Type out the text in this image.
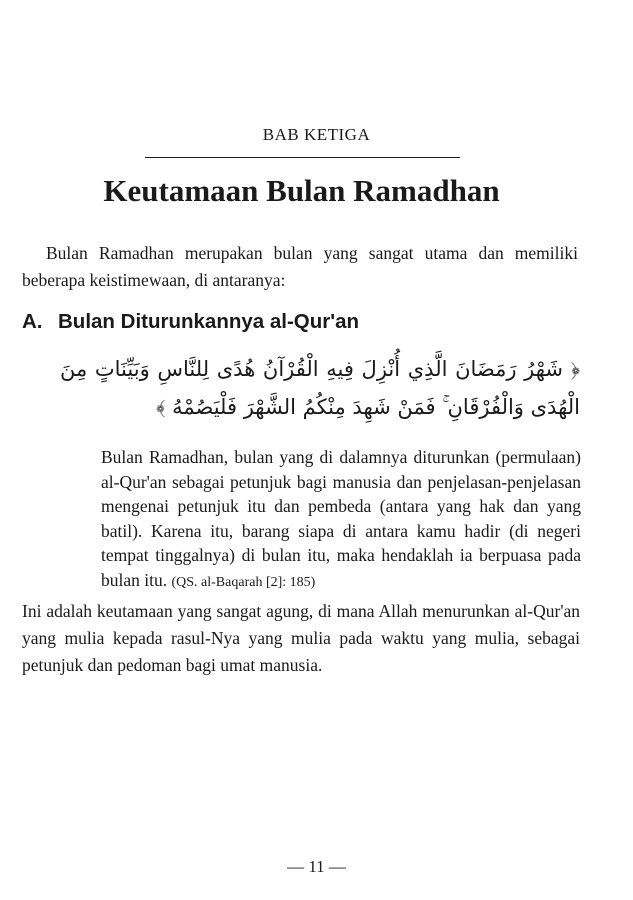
BAB KETIGA
Keutamaan Bulan Ramadhan

Bulan Ramadhan merupakan bulan yang sangat utama dan memiliki beberapa keistimewaan, di antaranya:

A. Bulan Diturunkannya al-Qur'an
﴿ شَهْرُ رَمَضَانَ الَّذِي أُنْزِلَ فِيهِ الْقُرْآنُ هُدًى لِلنَّاسِ وَبَيِّنَاتٍ مِنَ الْهُدَى وَالْفُرْقَانِ ۚ فَمَنْ شَهِدَ مِنْكُمُ الشَّهْرَ فَلْيَصُمْهُ ﴾

Bulan Ramadhan, bulan yang di dalamnya diturunkan (permulaan) al-Qur'an sebagai petunjuk bagi manusia dan penjelasan-penjelasan mengenai petunjuk itu dan pembeda (antara yang hak dan yang batil). Karena itu, barang siapa di antara kamu hadir (di negeri tempat tinggalnya) di bulan itu, maka hendaklah ia berpuasa pada bulan itu. (QS. al-Baqarah [2]: 185)

Ini adalah keutamaan yang sangat agung, di mana Allah menurunkan al-Qur'an yang mulia kepada rasul-Nya yang mulia pada waktu yang mulia, sebagai petunjuk dan pedoman bagi umat manusia.

— 11 —
